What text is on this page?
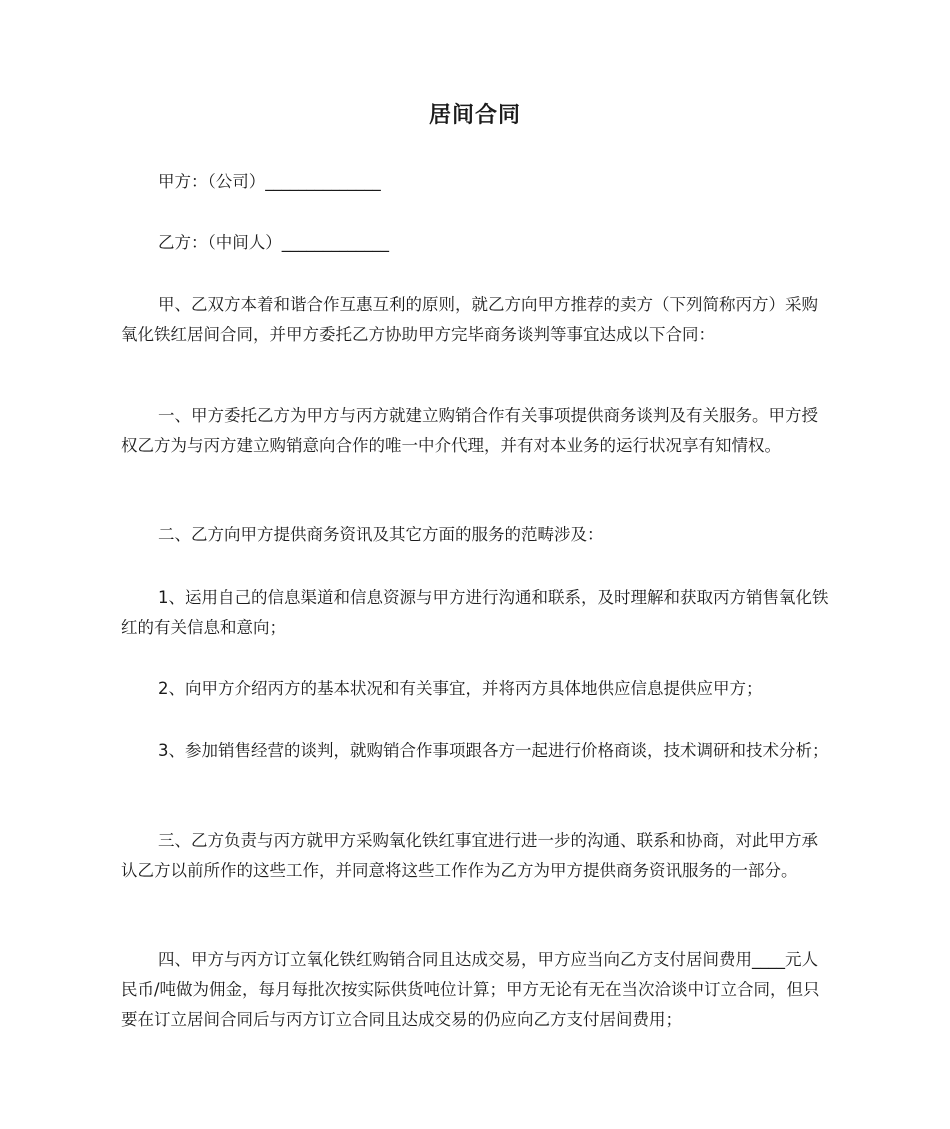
居间合同

甲方：（公司）______________

乙方：（中间人）_____________

甲、乙双方本着和谐合作互惠互利的原则，就乙方向甲方推荐的卖方（下列简称丙方）采购氧化铁红居间合同，并甲方委托乙方协助甲方完毕商务谈判等事宜达成以下合同：

一、甲方委托乙方为甲方与丙方就建立购销合作有关事项提供商务谈判及有关服务。甲方授权乙方为与丙方建立购销意向合作的唯一中介代理，并有对本业务的运行状况享有知情权。

二、乙方向甲方提供商务资讯及其它方面的服务的范畴涉及：

1、运用自己的信息渠道和信息资源与甲方进行沟通和联系，及时理解和获取丙方销售氧化铁红的有关信息和意向；

2、向甲方介绍丙方的基本状况和有关事宜，并将丙方具体地供应信息提供应甲方；

3、参加销售经营的谈判，就购销合作事项跟各方一起进行价格商谈，技术调研和技术分析；

三、乙方负责与丙方就甲方采购氧化铁红事宜进行进一步的沟通、联系和协商，对此甲方承认乙方以前所作的这些工作，并同意将这些工作作为乙方为甲方提供商务资讯服务的一部分。

四、甲方与丙方订立氧化铁红购销合同且达成交易，甲方应当向乙方支付居间费用____元人民币/吨做为佣金，每月每批次按实际供货吨位计算；甲方无论有无在当次洽谈中订立合同，但只要在订立居间合同后与丙方订立合同且达成交易的仍应向乙方支付居间费用；
